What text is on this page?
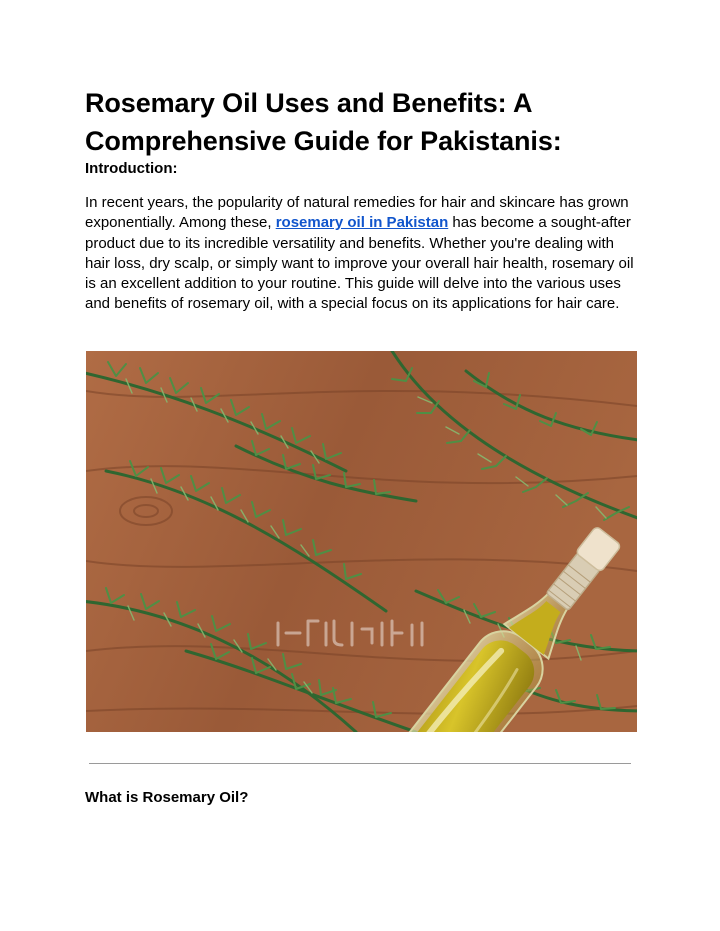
Rosemary Oil Uses and Benefits: A Comprehensive Guide for Pakistanis:

Introduction:

In recent years, the popularity of natural remedies for hair and skincare has grown exponentially. Among these, rosemary oil in Pakistan has become a sought-after product due to its incredible versatility and benefits. Whether you're dealing with hair loss, dry scalp, or simply want to improve your overall hair health, rosemary oil is an excellent addition to your routine. This guide will delve into the various uses and benefits of rosemary oil, with a special focus on its applications for hair care.

What is Rosemary Oil?
